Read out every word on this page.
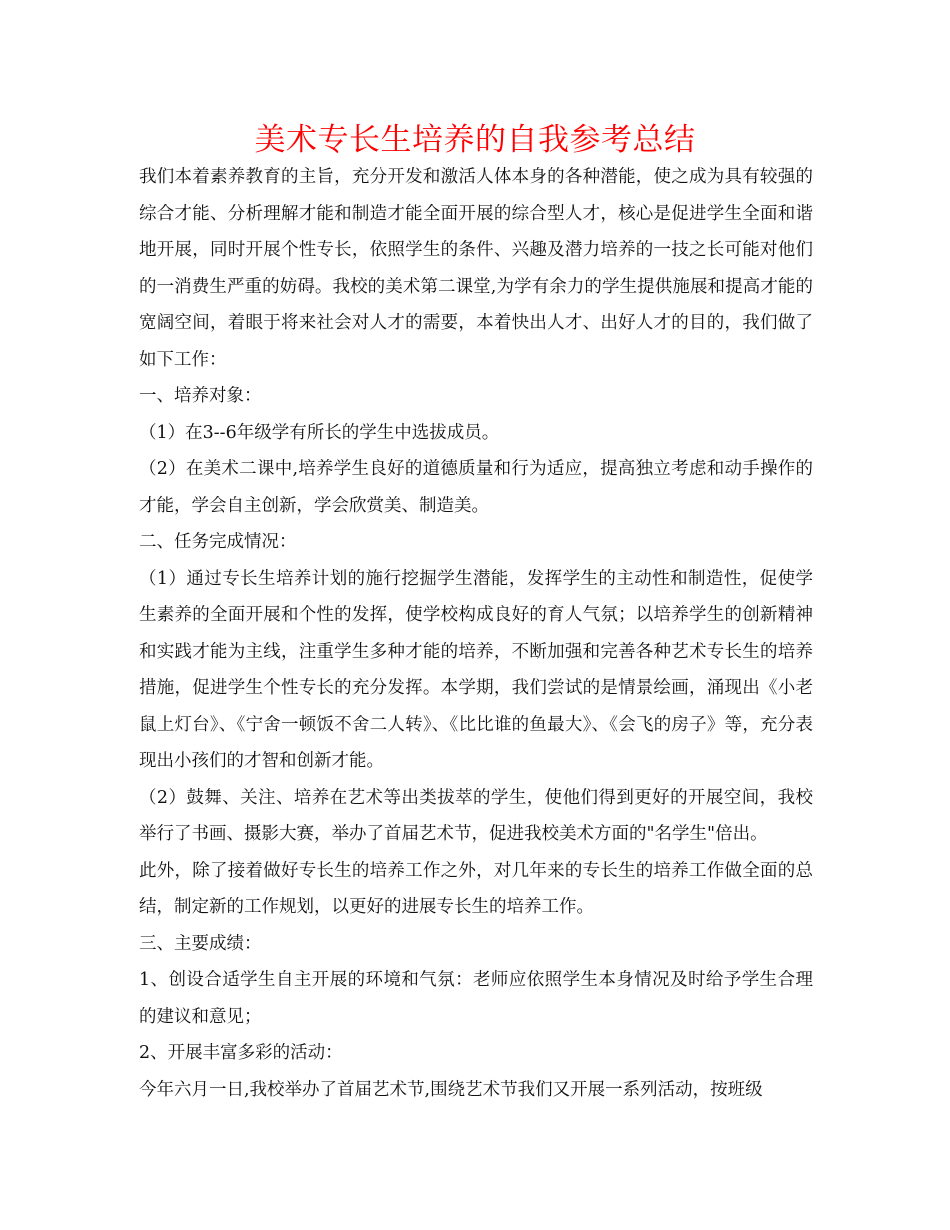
美术专长生培养的自我参考总结

我们本着素养教育的主旨，充分开发和激活人体本身的各种潜能，使之成为具有较强的综合才能、分析理解才能和制造才能全面开展的综合型人才，核心是促进学生全面和谐地开展，同时开展个性专长，依照学生的条件、兴趣及潜力培养的一技之长可能对他们的一消费生严重的妨碍。我校的美术第二课堂,为学有余力的学生提供施展和提高才能的宽阔空间，着眼于将来社会对人才的需要，本着快出人才、出好人才的目的，我们做了如下工作：

一、培养对象：

（1）在3--6年级学有所长的学生中选拔成员。

（2）在美术二课中,培养学生良好的道德质量和行为适应，提高独立考虑和动手操作的才能，学会自主创新，学会欣赏美、制造美。

二、任务完成情况：

（1）通过专长生培养计划的施行挖掘学生潜能，发挥学生的主动性和制造性，促使学生素养的全面开展和个性的发挥，使学校构成良好的育人气氛；以培养学生的创新精神和实践才能为主线，注重学生多种才能的培养，不断加强和完善各种艺术专长生的培养措施，促进学生个性专长的充分发挥。本学期，我们尝试的是情景绘画，涌现出《小老鼠上灯台》、《宁舍一顿饭不舍二人转》、《比比谁的鱼最大》、《会飞的房子》等，充分表现出小孩们的才智和创新才能。

（2）鼓舞、关注、培养在艺术等出类拔萃的学生，使他们得到更好的开展空间，我校举行了书画、摄影大赛，举办了首届艺术节，促进我校美术方面的"名学生"倍出。

此外，除了接着做好专长生的培养工作之外，对几年来的专长生的培养工作做全面的总结，制定新的工作规划，以更好的进展专长生的培养工作。

三、主要成绩：

1、创设合适学生自主开展的环境和气氛：老师应依照学生本身情况及时给予学生合理的建议和意见；

2、开展丰富多彩的活动：

今年六月一日,我校举办了首届艺术节,围绕艺术节我们又开展一系列活动，按班级
